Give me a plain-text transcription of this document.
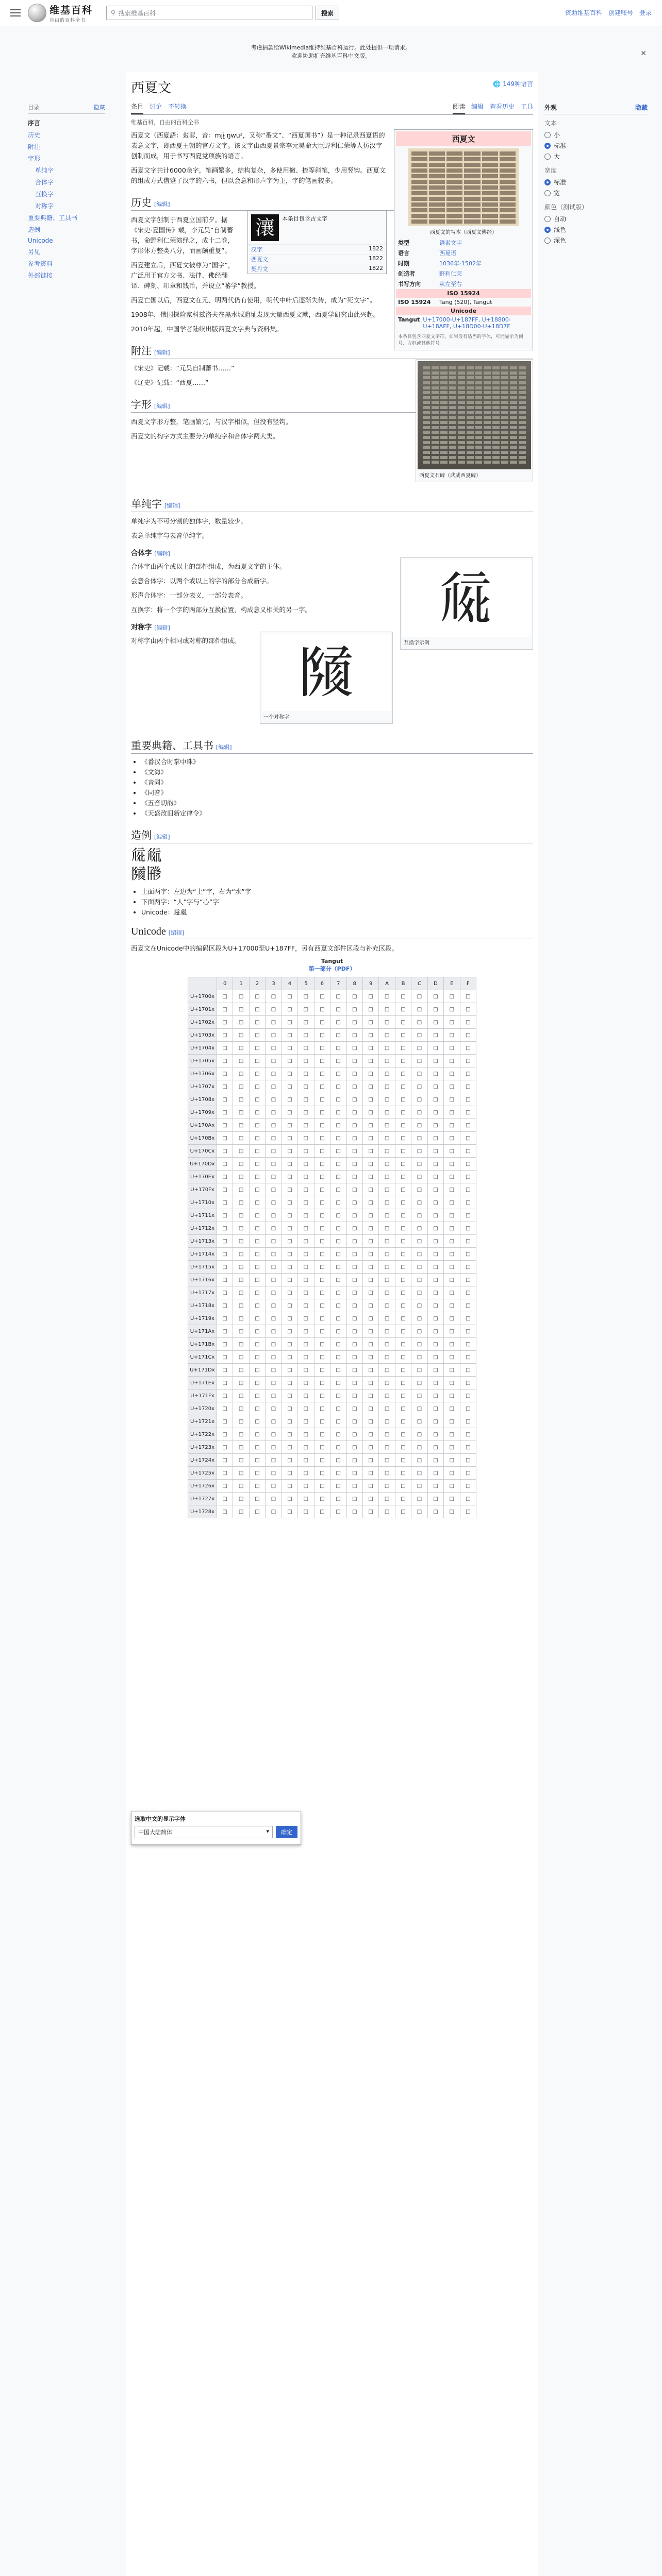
维基百科
自由的百科全书
⚲ 搜索维基百科	搜索	资助维基百科 创建账号 登录
考虑捐款给Wikimedia维持维基百科运行。此处提供一项请求。
欢迎协助扩充维基百科中文版。	✕
目录	隐藏
序言
历史
附注
字形
单纯字
合体字
互换字
对称字
重要典籍、工具书
造例
Unicode
另见
参考资料
外部链接
外观	隐藏
文本
小
标准
大
宽度
标准
宽
颜色（测试版）
自动
浅色
深色
西夏文	🌐 149种语言
条目 讨论 不转换	阅读 编辑 查看历史 工具
维基百科，自由的百科全书
西夏文
西夏文的写本（西夏文佛经）
类型	语素文字
语言	西夏语
时期	1036年-1502年
创造者	野利仁荣
书写方向	从左至右
ISO 15924
ISO 15924	Tang (520), Tangut
Unicode
Tangut U+17000-U+187FF, U+18800-U+18AFF, U+18D00-U+18D7F
本条目包含西夏文字符。如果没有适当的字体，可能显示为问号、方框或其他符号。

西夏文（西夏語：𗼇𗟲，音：mjɨ̱ ŋwu²，又称“番文”、“西夏国书”）是一种记录西夏语的表意文字，即西夏王朝的官方文字。该文字由西夏景宗李元昊命大臣野利仁荣等人仿汉字创制而成，用于书写西夏党项族的语言。

西夏文字共计6000余字，笔画繁多，结构复杂，多使用撇、捺等斜笔，少用竖钩。西夏文的组成方式借鉴了汉字的六书，但以会意和形声字为主，字的笔画较多。

历史 [编辑]
瀼	本条目包含古文字
汉字	1822
西夏文	1822
契丹文	1822

西夏文字创制于西夏立国前夕。据《宋史·夏国传》载，李元昊“自制蕃书，命野利仁荣演绎之，成十二卷，字形体方整类八分，而画颇重复”。

西夏建立后，西夏文被尊为“国字”，广泛用于官方文书、法律、佛经翻译、碑刻、印章和钱币，并设立“蕃学”教授。

西夏亡国以后，西夏文在元、明两代仍有使用，明代中叶后逐渐失传，成为“死文字”。

1908年，俄国探险家科兹洛夫在黑水城遗址发现大量西夏文献，西夏学研究由此兴起。

2010年起，中国学者陆续出版西夏文字典与资料集。

附注 [编辑]
西夏文石碑（武威西夏碑）

《宋史》记载：“元昊自制蕃书……”

《辽史》记载：“西夏……”

字形 [编辑]

西夏文字形方整，笔画繁冗，与汉字相似，但没有竖钩。

西夏文的构字方式主要分为单纯字和合体字两大类。

单纯字 [编辑]

单纯字为不可分割的独体字，数量较少。

表意单纯字与表音单纯字。

合体字 [编辑]
𗏁
互换字示例

合体字由两个或以上的部件组成，为西夏文字的主体。

会意合体字：以两个或以上的字的部分合成新字。

形声合体字：一部分表义，一部分表音。

互换字：将一个字的两部分互换位置，构成意义相关的另一字。

对称字 [编辑]
𗂧
一个对称字

对称字由两个相同或对称的部件组成。

重要典籍、工具书 [编辑]
• 《番汉合时掌中珠》
• 《文海》
• 《音同》
• 《同音》
• 《五音切韵》
• 《天盛改旧新定律令》
造例 [编辑]
𗏁𗏂
𗂧𗂨
• 上面两字：左边为“土”字，右为“水”字
• 下面两字：“人”字与“心”字
• Unicode：𗏁𗏂
Unicode [编辑]

西夏文在Unicode中的编码区段为U+17000至U+187FF，另有西夏文部件区段与补充区段。

Tangut
第一部分（PDF）
	0	1	2	3	4	5	6	7	8	9	A	B	C	D	E	F
U+1700x	□	□	□	□	□	□	□	□	□	□	□	□	□	□	□	□
U+1701x	□	□	□	□	□	□	□	□	□	□	□	□	□	□	□	□
U+1702x	□	□	□	□	□	□	□	□	□	□	□	□	□	□	□	□
U+1703x	□	□	□	□	□	□	□	□	□	□	□	□	□	□	□	□
U+1704x	□	□	□	□	□	□	□	□	□	□	□	□	□	□	□	□
U+1705x	□	□	□	□	□	□	□	□	□	□	□	□	□	□	□	□
U+1706x	□	□	□	□	□	□	□	□	□	□	□	□	□	□	□	□
U+1707x	□	□	□	□	□	□	□	□	□	□	□	□	□	□	□	□
U+1708x	□	□	□	□	□	□	□	□	□	□	□	□	□	□	□	□
U+1709x	□	□	□	□	□	□	□	□	□	□	□	□	□	□	□	□
U+170Ax	□	□	□	□	□	□	□	□	□	□	□	□	□	□	□	□
U+170Bx	□	□	□	□	□	□	□	□	□	□	□	□	□	□	□	□
U+170Cx	□	□	□	□	□	□	□	□	□	□	□	□	□	□	□	□
U+170Dx	□	□	□	□	□	□	□	□	□	□	□	□	□	□	□	□
U+170Ex	□	□	□	□	□	□	□	□	□	□	□	□	□	□	□	□
U+170Fx	□	□	□	□	□	□	□	□	□	□	□	□	□	□	□	□
U+1710x	□	□	□	□	□	□	□	□	□	□	□	□	□	□	□	□
U+1711x	□	□	□	□	□	□	□	□	□	□	□	□	□	□	□	□
U+1712x	□	□	□	□	□	□	□	□	□	□	□	□	□	□	□	□
U+1713x	□	□	□	□	□	□	□	□	□	□	□	□	□	□	□	□
U+1714x	□	□	□	□	□	□	□	□	□	□	□	□	□	□	□	□
U+1715x	□	□	□	□	□	□	□	□	□	□	□	□	□	□	□	□
U+1716x	□	□	□	□	□	□	□	□	□	□	□	□	□	□	□	□
U+1717x	□	□	□	□	□	□	□	□	□	□	□	□	□	□	□	□
U+1718x	□	□	□	□	□	□	□	□	□	□	□	□	□	□	□	□
U+1719x	□	□	□	□	□	□	□	□	□	□	□	□	□	□	□	□
U+171Ax	□	□	□	□	□	□	□	□	□	□	□	□	□	□	□	□
U+171Bx	□	□	□	□	□	□	□	□	□	□	□	□	□	□	□	□
U+171Cx	□	□	□	□	□	□	□	□	□	□	□	□	□	□	□	□
U+171Dx	□	□	□	□	□	□	□	□	□	□	□	□	□	□	□	□
U+171Ex	□	□	□	□	□	□	□	□	□	□	□	□	□	□	□	□
U+171Fx	□	□	□	□	□	□	□	□	□	□	□	□	□	□	□	□
U+1720x	□	□	□	□	□	□	□	□	□	□	□	□	□	□	□	□
U+1721x	□	□	□	□	□	□	□	□	□	□	□	□	□	□	□	□
U+1722x	□	□	□	□	□	□	□	□	□	□	□	□	□	□	□	□
U+1723x	□	□	□	□	□	□	□	□	□	□	□	□	□	□	□	□
U+1724x	□	□	□	□	□	□	□	□	□	□	□	□	□	□	□	□
U+1725x	□	□	□	□	□	□	□	□	□	□	□	□	□	□	□	□
U+1726x	□	□	□	□	□	□	□	□	□	□	□	□	□	□	□	□
U+1727x	□	□	□	□	□	□	□	□	□	□	□	□	□	□	□	□
U+1728x	□	□	□	□	□	□	□	□	□	□	□	□	□	□	□	□
选取中文的显示字体
中国大陆简体	▾	确定
